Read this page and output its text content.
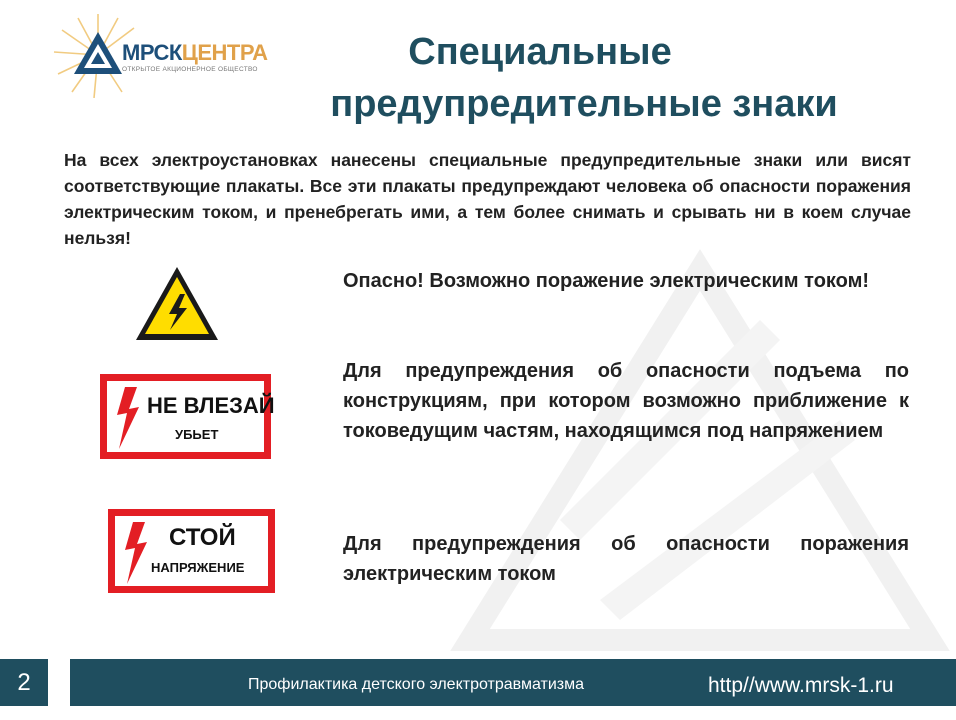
МРСКЦЕНТРА
ОТКРЫТОЕ АКЦИОНЕРНОЕ ОБЩЕСТВО	Специальные
предупредительные знаки
На всех электроустановках нанесены специальные предупредительные знаки или висят соответствующие плакаты. Все эти плакаты предупреждают человека об опасности поражения электрическим током, и пренебрегать ими, а тем более снимать и срывать ни в коем случае нельзя!
Опасно! Возможно поражение электрическим током!
НЕ ВЛЕЗАЙ
УБЬЕТ
Для предупреждения об опасности подъема по конструкциям, при котором возможно приближение к токоведущим частям, находящимся под напряжением
СТОЙ
НАПРЯЖЕНИЕ
Для предупреждения об опасности поражения электрическим током
2	Профилактика детского электротравматизма	http//www.mrsk-1.ru
